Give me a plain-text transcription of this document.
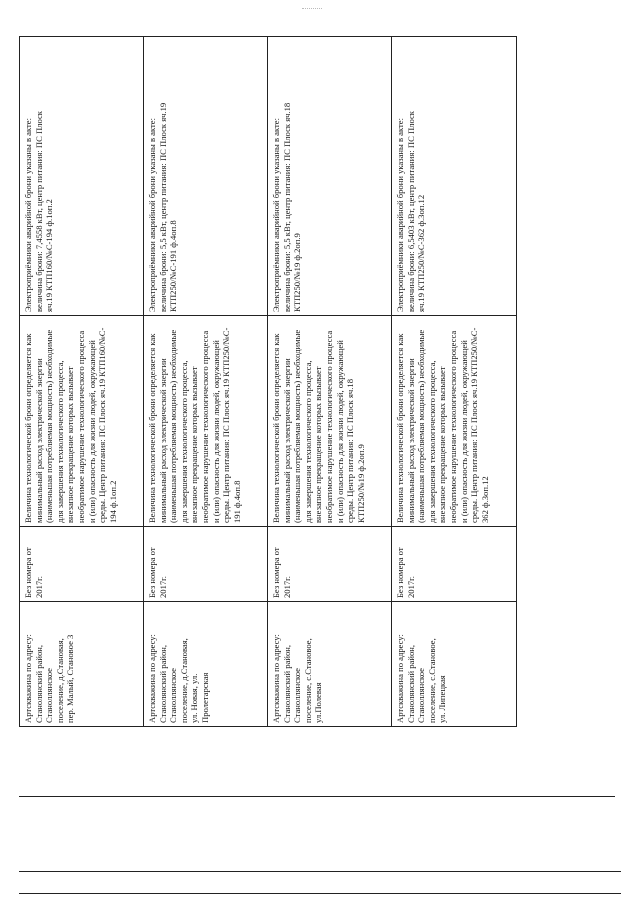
Артскважина по адресу:
Станолянский район,
Станоллянское
поселение, д.Становая,
пер. Малый, Становое 3
Без номера от 2017г.
Величина технологической брони определяется как
минимальный расход электрической энергии
(наименьшая потребляемая мощность) необходимые
для завершения технологического процесса,
внезапное прекращение которых вызывает
необратимое нарушение технологического процесса
и (или) опасность для жизни людей, окружающей
среды. Центр питания: ПС Плоск яч.19 КТП160/№С-
194 ф.1оп.2
Электроприёмники аварийной брони указаны в акте:
величина брони: 7,4558 кВт, центр питания: ПС Плоск
яч.19 КТП160/№С-194 ф.1оп.2
Артскважина по адресу:
Станолянский район,
Станоллянское
поселение, д.Становая,
ул. Новая, ул.
Пролетарская
Без номера от 2017г.
Величина технологической брони определяется как
минимальный расход электрической энергии
(наименьшая потребляемая мощность) необходимые
для завершения технологического процесса,
внезапное прекращение которых вызывает
необратимое нарушение технологического процесса
и (или) опасность для жизни людей, окружающей
среды. Центр питания: ПС Плоск яч.19 КТП250/№С-
191 ф.4оп.8
Электроприёмники аварийной брони указаны в акте:
величина брони: 5,5 кВт, центр питания: ПС Плоск яч.19
КТП250/№С-191 ф.4оп.8
Артскважина по адресу:
Станолянский район,
Станоллянское
поселение, с.Становое,
ул.Полевая
Без номера от 2017г.
Величина технологической брони определяется как
минимальный расход электрической энергии
(наименьшая потребляемая мощность) необходимые
для завершения технологического процесса,
внезапное прекращение которых вызывает
необратимое нарушение технологического процесса
и (или) опасность для жизни людей, окружающей
среды. Центр питания: ПС Плоск яч.18
КТП250/№19 ф.2оп.9
Электроприёмники аварийной брони указаны в акте:
величина брони: 5,5 кВт, центр питания: ПС Плоск яч.18
КТП250/№19 ф.2оп.9
Артскважина по адресу:
Станолянский район,
Станоллянское
поселение, с.Становое,
ул. Липецкая
Без номера от 2017г.
Величина технологической брони определяется как
минимальный расход электрической энергии
(наименьшая потребляемая мощность) необходимые
для завершения технологического процесса,
внезапное прекращение которых вызывает
необратимое нарушение технологического процесса
и (или) опасность для жизни людей, окружающей
среды. Центр питания: ПС Плоск яч.19 КТП250/№С-
362 ф.3оп.12
Электроприёмники аварийной брони указаны в акте:
величина брони: 6,5403 кВт, центр питания: ПС Плоск
яч.19 КТП250/№С-362 ф.3оп.12
